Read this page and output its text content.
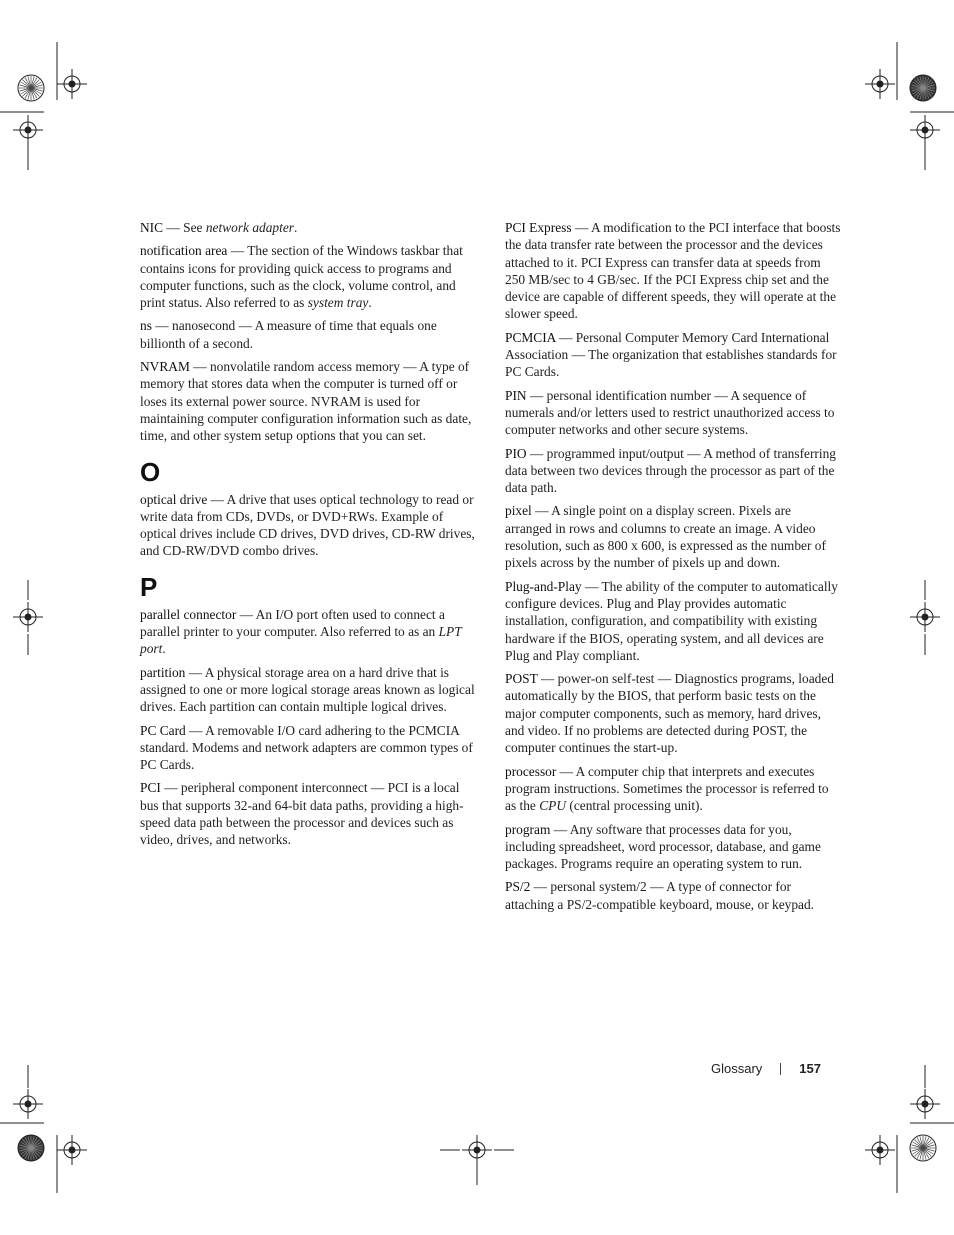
NIC — See network adapter.

notification area — The section of the Windows taskbar that contains icons for providing quick access to programs and computer functions, such as the clock, volume control, and print status. Also referred to as system tray.

ns — nanosecond — A measure of time that equals one billionth of a second.

NVRAM — nonvolatile random access memory — A type of memory that stores data when the computer is turned off or loses its external power source. NVRAM is used for maintaining computer configuration information such as date, time, and other system setup options that you can set.

O

optical drive — A drive that uses optical technology to read or write data from CDs, DVDs, or DVD+RWs. Example of optical drives include CD drives, DVD drives, CD-RW drives, and CD-RW/DVD combo drives.

P

parallel connector — An I/O port often used to connect a parallel printer to your computer. Also referred to as an LPT port.

partition — A physical storage area on a hard drive that is assigned to one or more logical storage areas known as logical drives. Each partition can contain multiple logical drives.

PC Card — A removable I/O card adhering to the PCMCIA standard. Modems and network adapters are common types of PC Cards.

PCI — peripheral component interconnect — PCI is a local bus that supports 32-and 64-bit data paths, providing a high-speed data path between the processor and devices such as video, drives, and networks.

PCI Express — A modification to the PCI interface that boosts the data transfer rate between the processor and the devices attached to it. PCI Express can transfer data at speeds from 250 MB/sec to 4 GB/sec. If the PCI Express chip set and the device are capable of different speeds, they will operate at the slower speed.

PCMCIA — Personal Computer Memory Card International Association — The organization that establishes standards for PC Cards.

PIN — personal identification number — A sequence of numerals and/or letters used to restrict unauthorized access to computer networks and other secure systems.

PIO — programmed input/output — A method of transferring data between two devices through the processor as part of the data path.

pixel — A single point on a display screen. Pixels are arranged in rows and columns to create an image. A video resolution, such as 800 x 600, is expressed as the number of pixels across by the number of pixels up and down.

Plug-and-Play — The ability of the computer to automatically configure devices. Plug and Play provides automatic installation, configuration, and compatibility with existing hardware if the BIOS, operating system, and all devices are Plug and Play compliant.

POST — power-on self-test — Diagnostics programs, loaded automatically by the BIOS, that perform basic tests on the major computer components, such as memory, hard drives, and video. If no problems are detected during POST, the computer continues the start-up.

processor — A computer chip that interprets and executes program instructions. Sometimes the processor is referred to as the CPU (central processing unit).

program — Any software that processes data for you, including spreadsheet, word processor, database, and game packages. Programs require an operating system to run.

PS/2 — personal system/2 — A type of connector for attaching a PS/2-compatible keyboard, mouse, or keypad.

Glossary	157
